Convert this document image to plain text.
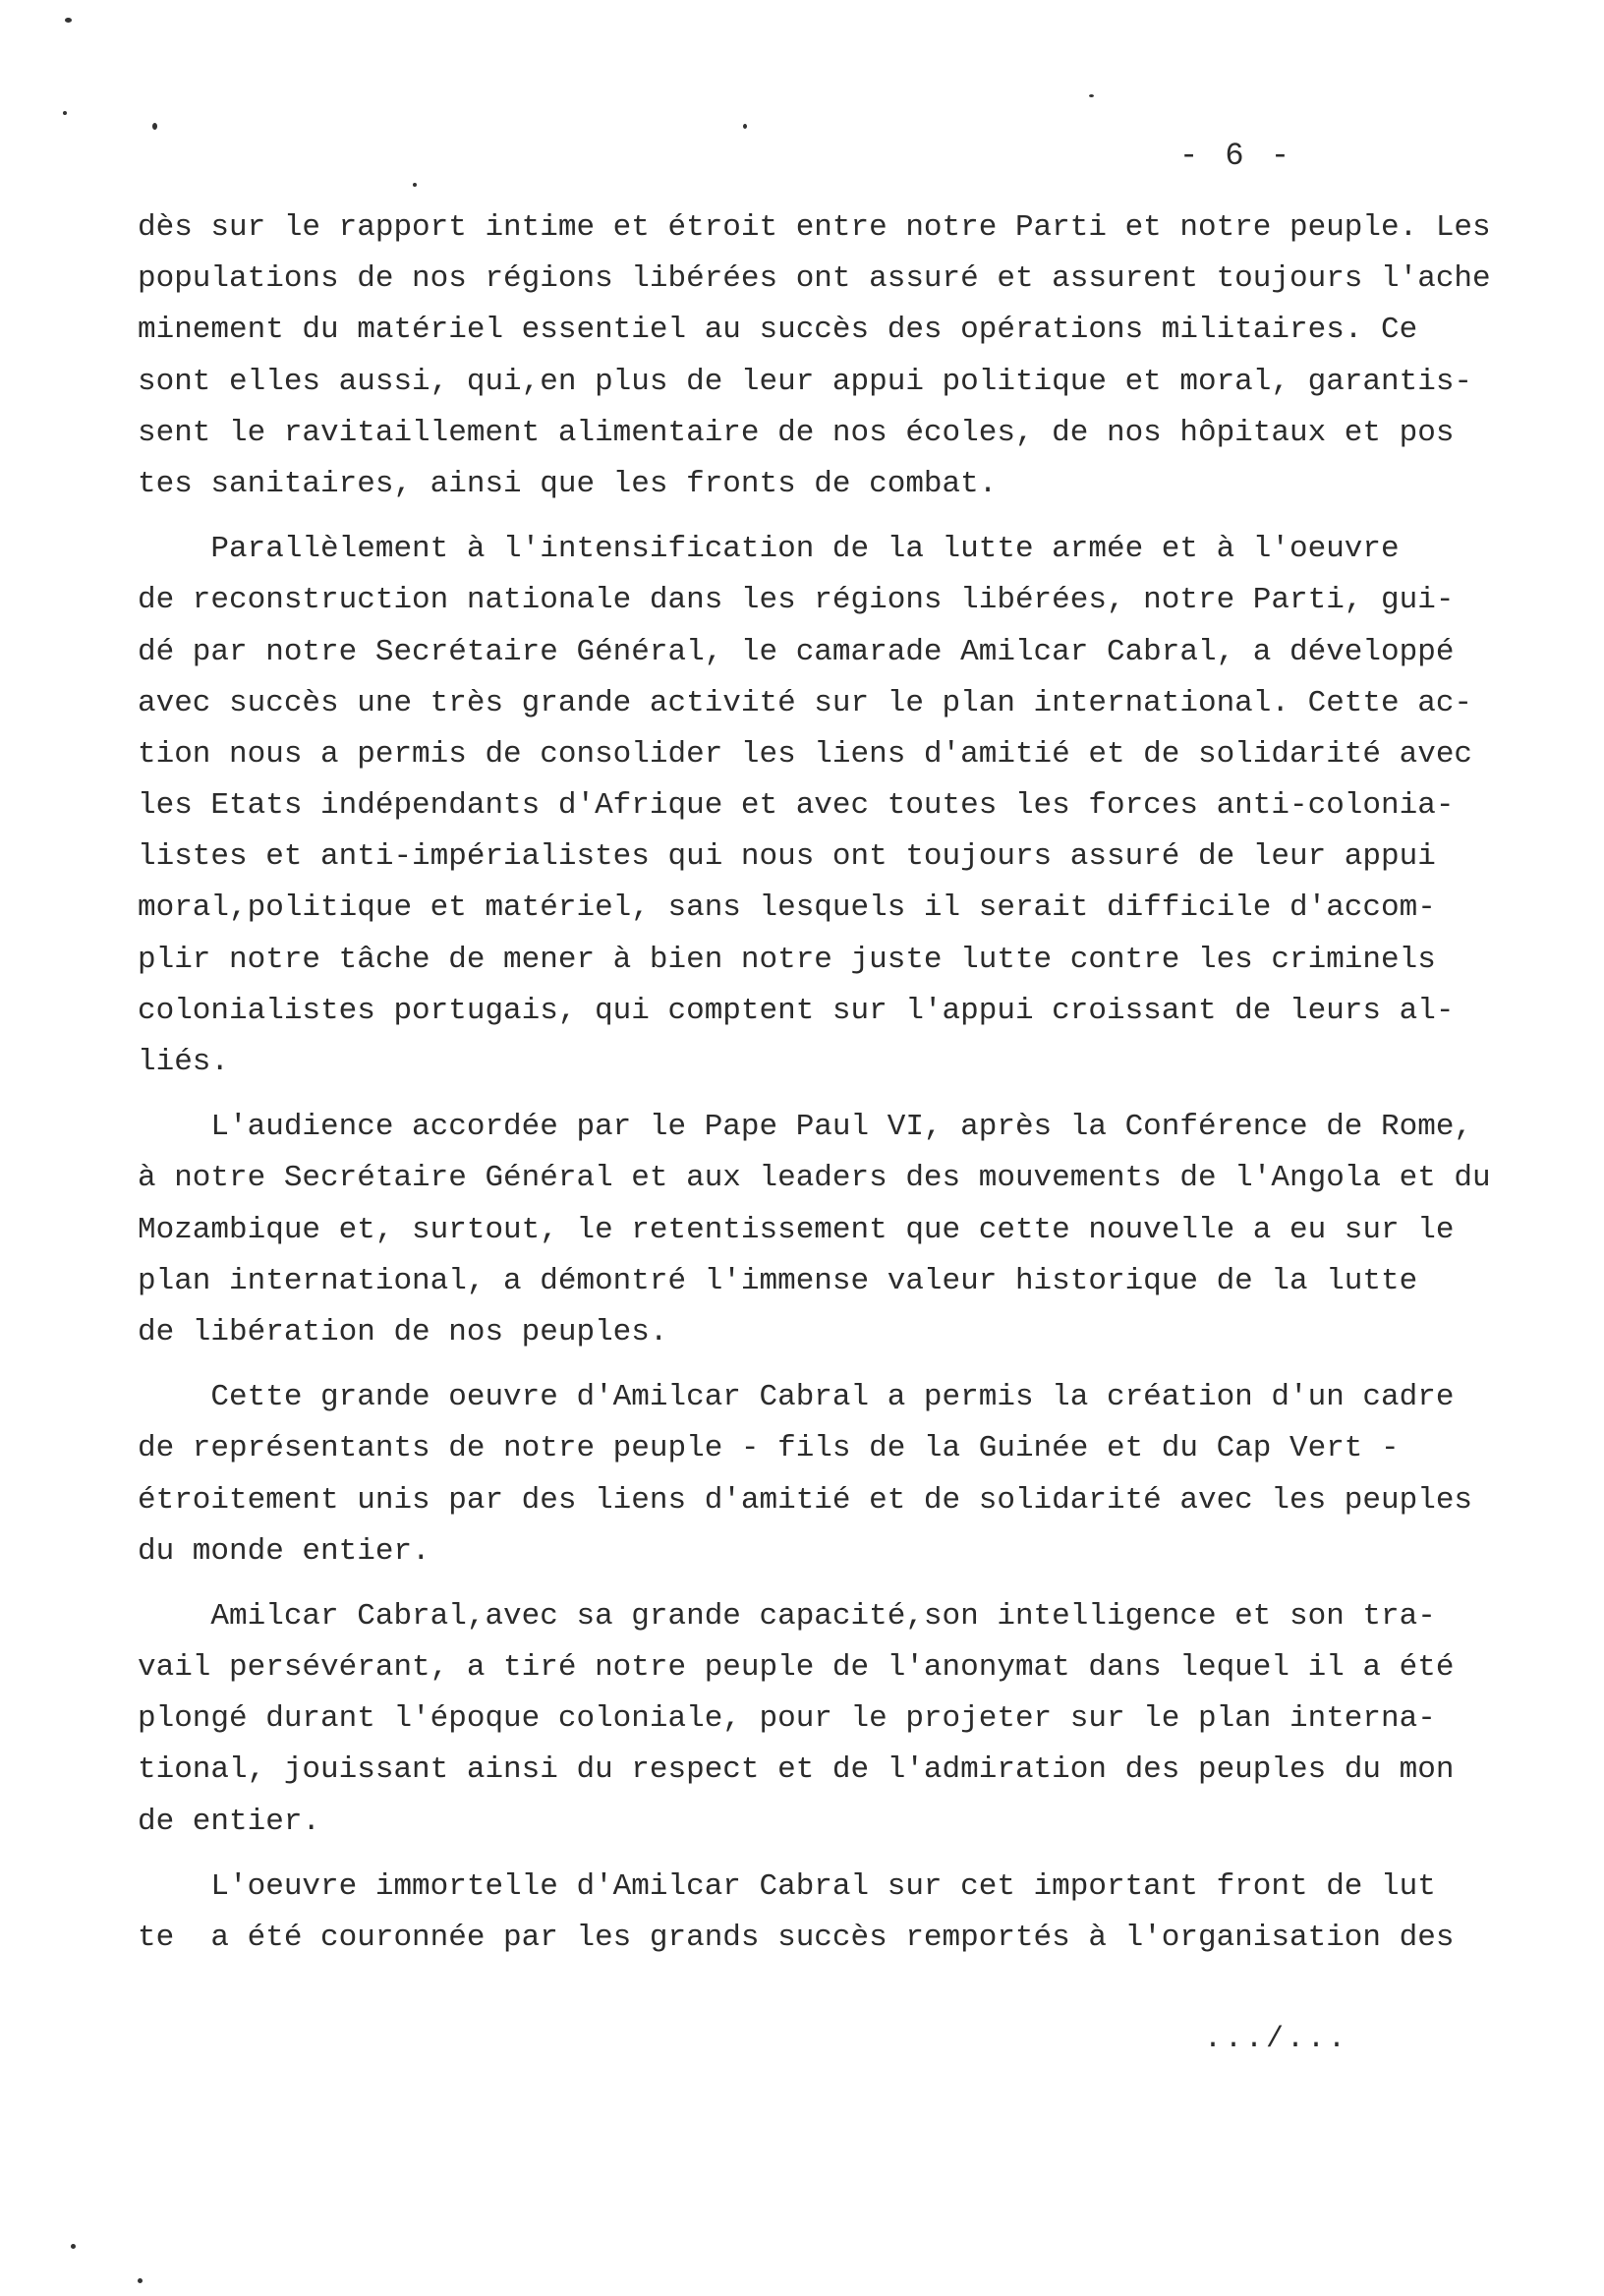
- 6 -
dès sur le rapport intime et étroit entre notre Parti et notre peuple. Les
populations de nos régions libérées ont assuré et assurent toujours l'ache
minement du matériel essentiel au succès des opérations militaires. Ce
sont elles aussi, qui,en plus de leur appui politique et moral, garantis-
sent le ravitaillement alimentaire de nos écoles, de nos hôpitaux et pos
tes sanitaires, ainsi que les fronts de combat.
Parallèlement à l'intensification de la lutte armée et à l'oeuvre
de reconstruction nationale dans les régions libérées, notre Parti, gui-
dé par notre Secrétaire Général, le camarade Amilcar Cabral, a développé
avec succès une très grande activité sur le plan international. Cette ac-
tion nous a permis de consolider les liens d'amitié et de solidarité avec
les Etats indépendants d'Afrique et avec toutes les forces anti-colonia-
listes et anti-impérialistes qui nous ont toujours assuré de leur appui
moral,politique et matériel, sans lesquels il serait difficile d'accom-
plir notre tâche de mener à bien notre juste lutte contre les criminels
colonialistes portugais, qui comptent sur l'appui croissant de leurs al-
liés.
L'audience accordée par le Pape Paul VI, après la Conférence de Rome,
à notre Secrétaire Général et aux leaders des mouvements de l'Angola et du
Mozambique et, surtout, le retentissement que cette nouvelle a eu sur le
plan international, a démontré l'immense valeur historique de la lutte
de libération de nos peuples.
Cette grande oeuvre d'Amilcar Cabral a permis la création d'un cadre
de représentants de notre peuple - fils de la Guinée et du Cap Vert -
étroitement unis par des liens d'amitié et de solidarité avec les peuples
du monde entier.
Amilcar Cabral,avec sa grande capacité,son intelligence et son tra-
vail persévérant, a tiré notre peuple de l'anonymat dans lequel il a été
plongé durant l'époque coloniale, pour le projeter sur le plan interna-
tional, jouissant ainsi du respect et de l'admiration des peuples du mon
de entier.
L'oeuvre immortelle d'Amilcar Cabral sur cet important front de lut
te  a été couronnée par les grands succès remportés à l'organisation des
.../...
